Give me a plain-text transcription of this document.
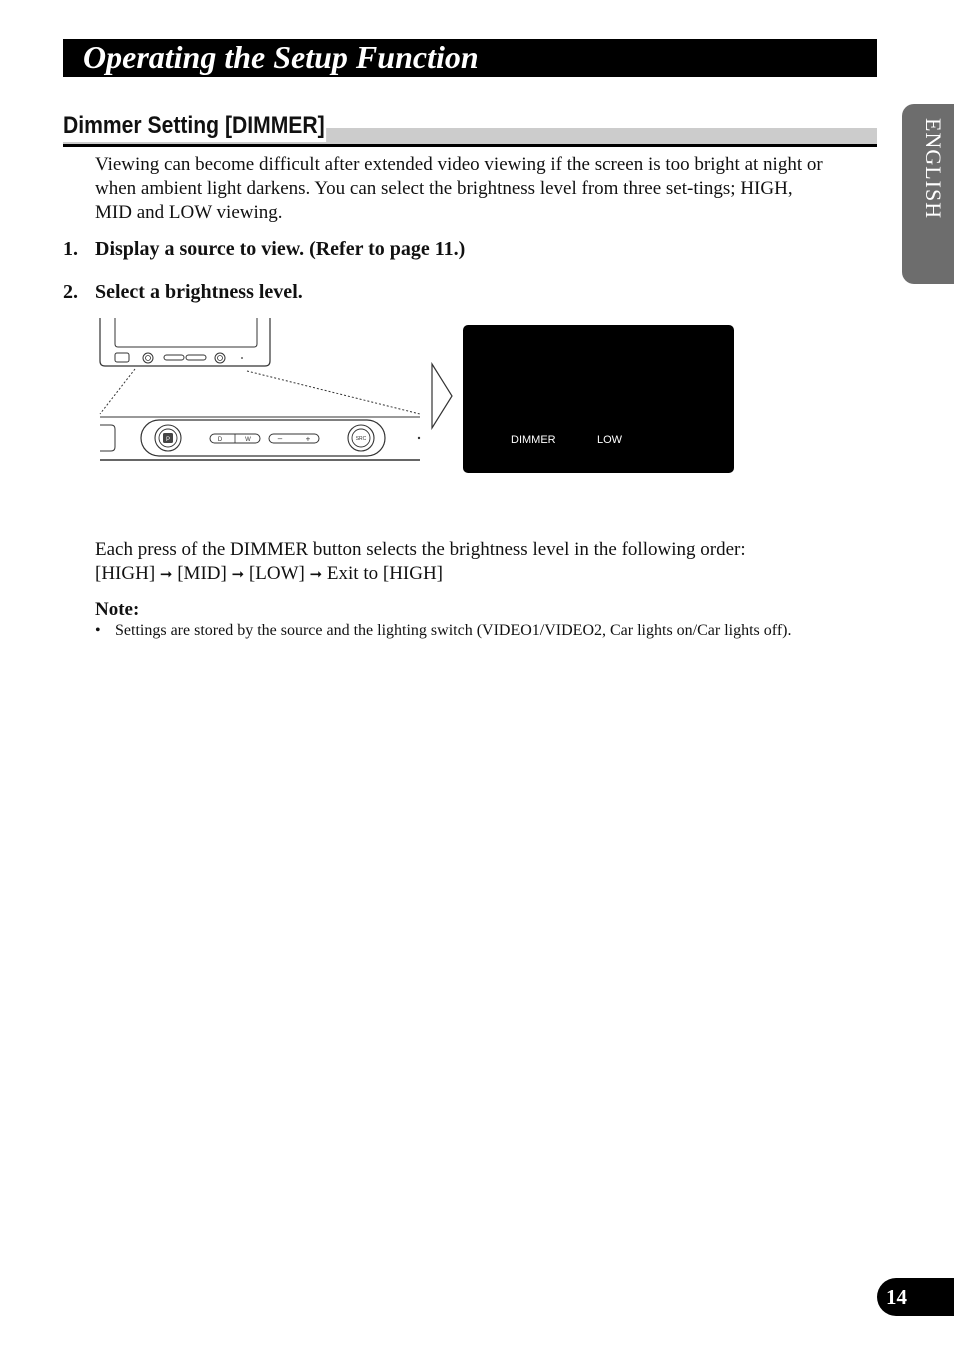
Operating the Setup Function
ENGLISH
Dimmer Setting [DIMMER]
Viewing can become difficult after extended video viewing if the screen is too bright at night or when ambient light darkens. You can select the brightness level from three set-tings; HIGH, MID and LOW viewing.
1. Display a source to view. (Refer to page 11.)
2. Select a brightness level.
P	D	W	–	+	SRC	DIMMER	LOW
Each press of the DIMMER button selects the brightness level in the following order:
[HIGH] ➞ [MID] ➞ [LOW] ➞ Exit to [HIGH]
Note:
• Settings are stored by the source and the lighting switch (VIDEO1/VIDEO2, Car lights on/Car lights off).
14
